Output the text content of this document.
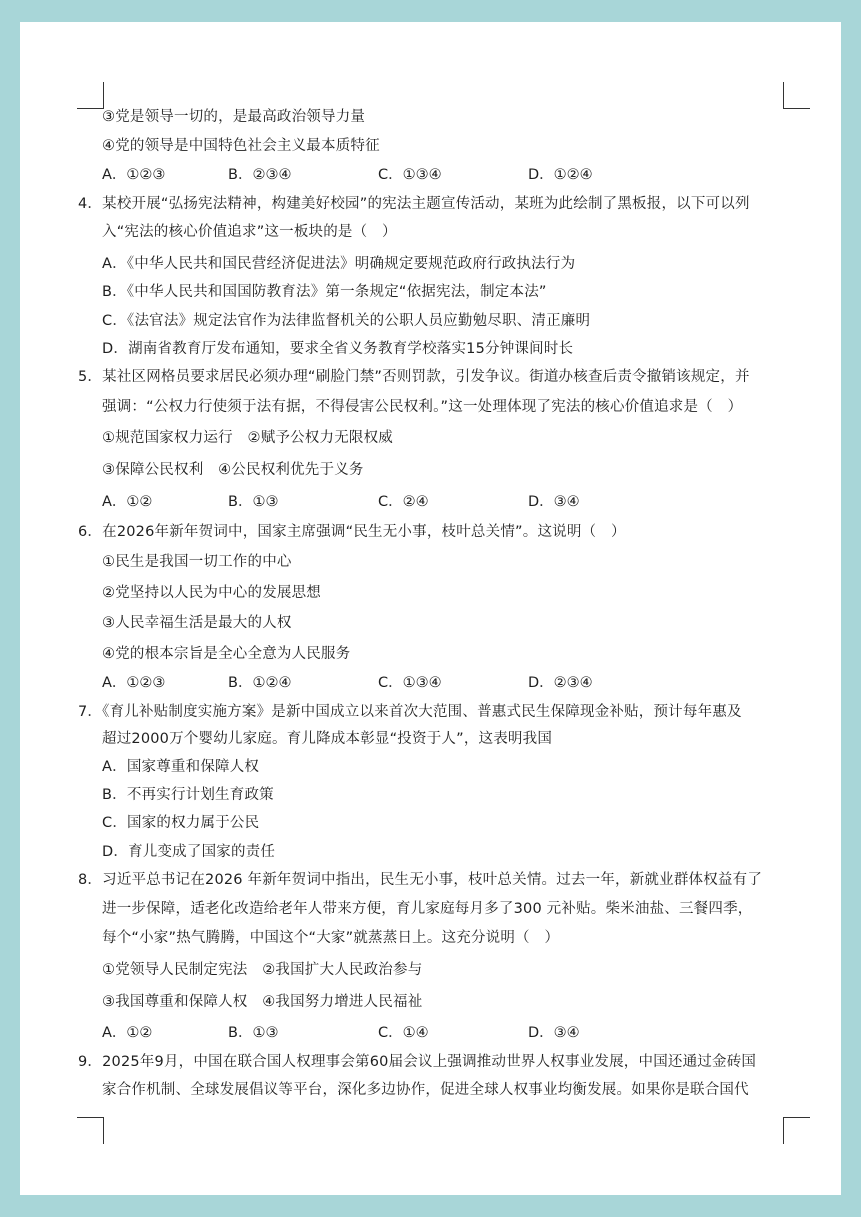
③党是领导一切的，是最高政治领导力量
④党的领导是中国特色社会主义最本质特征
A．①②③	B．②③④	C．①③④	D．①②④
4．某校开展“弘扬宪法精神，构建美好校园”的宪法主题宣传活动，某班为此绘制了黑板报，以下可以列
入“宪法的核心价值追求”这一板块的是（　）
A．《中华人民共和国民营经济促进法》明确规定要规范政府行政执法行为
B．《中华人民共和国国防教育法》第一条规定“依据宪法，制定本法”
C．《法官法》规定法官作为法律监督机关的公职人员应勤勉尽职、清正廉明
D．湖南省教育厅发布通知，要求全省义务教育学校落实15分钟课间时长
5．某社区网格员要求居民必须办理“刷脸门禁”否则罚款，引发争议。街道办核查后责令撤销该规定，并
强调：“公权力行使须于法有据，不得侵害公民权利。”这一处理体现了宪法的核心价值追求是（　）
①规范国家权力运行　②赋予公权力无限权威
③保障公民权利　④公民权利优先于义务
A．①②	B．①③	C．②④	D．③④
6．在2026年新年贺词中，国家主席强调“民生无小事，枝叶总关情”。这说明（　）
①民生是我国一切工作的中心
②党坚持以人民为中心的发展思想
③人民幸福生活是最大的人权
④党的根本宗旨是全心全意为人民服务
A．①②③	B．①②④	C．①③④	D．②③④
7．《育儿补贴制度实施方案》是新中国成立以来首次大范围、普惠式民生保障现金补贴，预计每年惠及
超过2000万个婴幼儿家庭。育儿降成本彰显“投资于人”，这表明我国
A．国家尊重和保障人权
B．不再实行计划生育政策
C．国家的权力属于公民
D．育儿变成了国家的责任
8．习近平总书记在2026 年新年贺词中指出，民生无小事，枝叶总关情。过去一年，新就业群体权益有了
进一步保障，适老化改造给老年人带来方便，育儿家庭每月多了300 元补贴。柴米油盐、三餐四季，
每个“小家”热气腾腾，中国这个“大家”就蒸蒸日上。这充分说明（　）
①党领导人民制定宪法　②我国扩大人民政治参与
③我国尊重和保障人权　④我国努力增进人民福祉
A．①②	B．①③	C．①④	D．③④
9．2025年9月，中国在联合国人权理事会第60届会议上强调推动世界人权事业发展，中国还通过金砖国
家合作机制、全球发展倡议等平台，深化多边协作，促进全球人权事业均衡发展。如果你是联合国代
